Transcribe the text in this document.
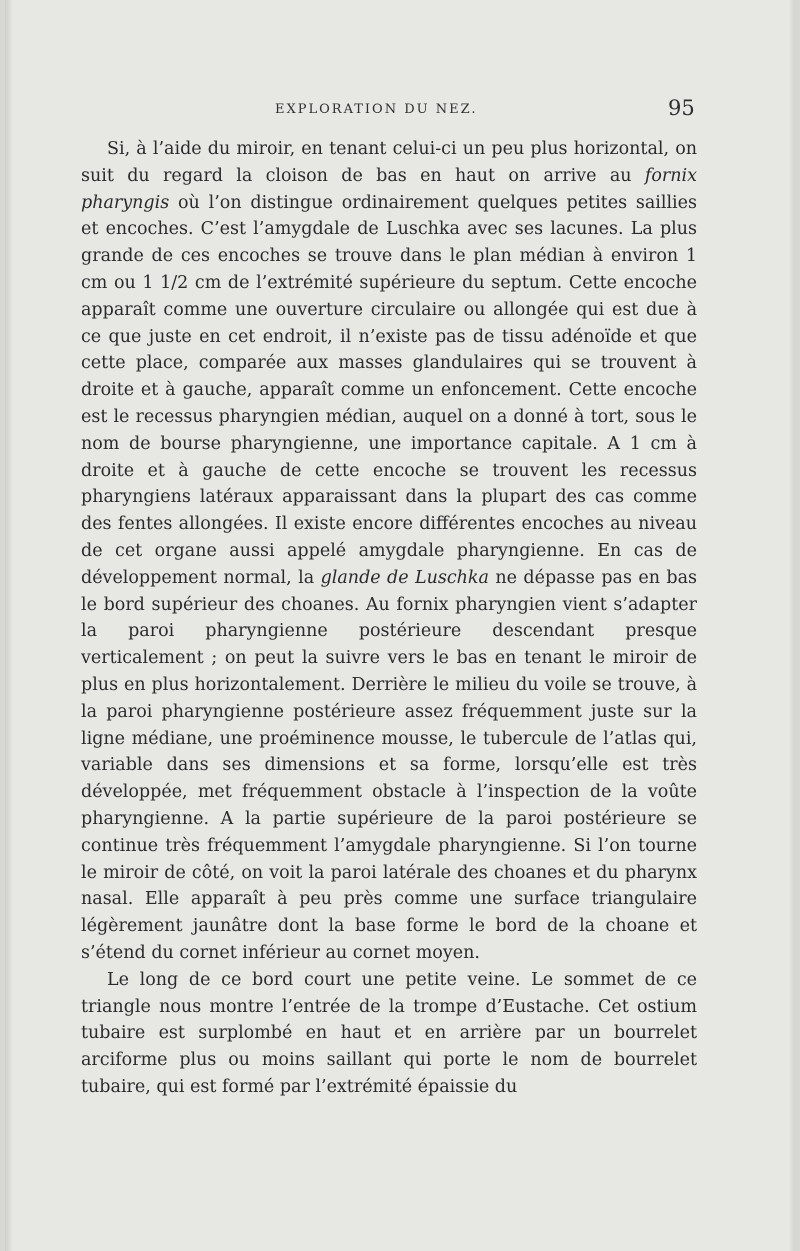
EXPLORATION DU NEZ.	95

Si, à l’aide du miroir, en tenant celui-ci un peu plus horizontal, on suit du regard la cloison de bas en haut on arrive au fornix pharyngis où l’on distingue ordinairement quelques petites saillies et encoches. C’est l’amygdale de Luschka avec ses lacunes. La plus grande de ces encoches se trouve dans le plan médian à environ 1 cm ou 1 1/2 cm de l’extrémité supérieure du septum. Cette encoche apparaît comme une ouverture circulaire ou allongée qui est due à ce que juste en cet endroit, il n’existe pas de tissu adénoïde et que cette place, comparée aux masses glandulaires qui se trouvent à droite et à gauche, apparaît comme un enfoncement. Cette encoche est le recessus pharyngien médian, auquel on a donné à tort, sous le nom de bourse pharyngienne, une importance capitale. A 1 cm à droite et à gauche de cette encoche se trouvent les recessus pharyngiens latéraux apparaissant dans la plupart des cas comme des fentes allongées. Il existe encore différentes encoches au niveau de cet organe aussi appelé amygdale pharyngienne. En cas de développement normal, la glande de Luschka ne dépasse pas en bas le bord supérieur des choanes. Au fornix pharyngien vient s’adapter la paroi pharyngienne postérieure descendant presque verticalement ; on peut la suivre vers le bas en tenant le miroir de plus en plus horizontalement. Derrière le milieu du voile se trouve, à la paroi pharyngienne postérieure assez fréquemment juste sur la ligne médiane, une proéminence mousse, le tubercule de l’atlas qui, variable dans ses dimensions et sa forme, lorsqu’elle est très développée, met fréquemment obstacle à l’inspection de la voûte pharyngienne. A la partie supérieure de la paroi postérieure se continue très fréquemment l’amygdale pharyngienne. Si l’on tourne le miroir de côté, on voit la paroi latérale des choanes et du pharynx nasal. Elle apparaît à peu près comme une surface triangulaire légèrement jaunâtre dont la base forme le bord de la choane et s’étend du cornet inférieur au cornet moyen.

Le long de ce bord court une petite veine. Le sommet de ce triangle nous montre l’entrée de la trompe d’Eustache. Cet ostium tubaire est surplombé en haut et en arrière par un bourrelet arciforme plus ou moins saillant qui porte le nom de bourrelet tubaire, qui est formé par l’extrémité épaissie du
